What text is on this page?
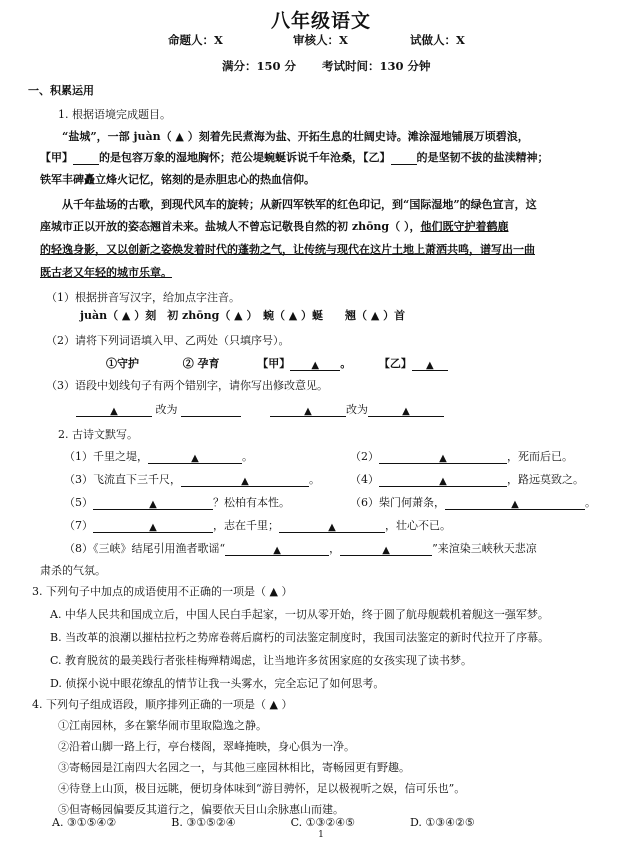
八年级语文
命题人：X	审核人：X	试做人：X
满分：150 分 考试时间：130 分钟
一、积累运用
1. 根据语境完成题目。
“盐城”，一部 juàn（ ▲ ）刻着先民煮海为盐、开拓生息的壮阔史诗。滩涂湿地铺展万顷碧浪，
【甲】 的是包容万象的湿地胸怀；范公堤蜿蜒诉说千年沧桑，【乙】 的是坚韧不拔的盐渎精神；
铁军丰碑矗立烽火记忆，铭刻的是赤胆忠心的热血信仰。
从千年盐场的古歌，到现代风车的旋转；从新四军铁军的红色印记，到“国际湿地”的绿色宣言，这
座城市正以开放的姿态翘首未来。盐城人不曾忘记敬畏自然的初 zhōng（ ），他们既守护着鹤鹿
的轻逸身影，又以创新之姿焕发着时代的蓬勃之气，让传统与现代在这片土地上萧洒共鸣，谱写出一曲
既古老又年轻的城市乐章。
（1）根据拼音写汉字，给加点字注音。
juàn（ ▲ ）刻　初 zhōng（ ▲ ）　蜿（ ▲ ）蜒　　翘（ ▲ ）首
（2）请将下列词语填入甲、乙两处（只填序号）。
①守护	② 孕育	【甲】 ▲ 。  【乙】 ▲
（3）语段中划线句子有两个错别字，请你写出修改意见。
▲	改为	▲	改为	▲
2. 古诗文默写。
（1）千里之堤，	▲	。	（2）	▲	，死而后已。
（3）飞流直下三千尺，	▲	。	（4）	▲	，路远莫致之。
（5）	▲	？松柏有本性。	（6）柴门何萧条，	▲	。
（7）	▲	，志在千里；	▲	，壮心不已。
（8）《三峡》结尾引用渔者歌谣“	▲	，	▲	”来渲染三峡秋天悲凉
肃杀的气氛。
3. 下列句子中加点的成语使用不正确的一项是（ ▲ ）
A. 中华人民共和国成立后，中国人民白手起家，一切从零开始，终于圆了航母舰载机着舰这一强军梦。
B. 当改革的浪潮以摧枯拉朽之势席卷蒋后腐朽的司法鉴定制度时，我国司法鉴定的新时代拉开了序幕。
C. 教育脱贫的最美践行者张桂梅殚精竭虑，让当地许多贫困家庭的女孩实现了读书梦。
D. 侦探小说中眼花缭乱的情节让我一头雾水，完全忘记了如何思考。
4. 下列句子组成语段，顺序排列正确的一项是（ ▲ ）
①江南园林，多在繁华闹市里取隐逸之静。
②沿着山脚一路上行，亭台楼阁，翠峰掩映，身心俱为一净。
③寄畅园是江南四大名园之一，与其他三座园林相比，寄畅园更有野趣。
④待登上山顶，极目远眺，便切身体味到“游目骋怀，足以极视听之娱，信可乐也”。
⑤但寄畅园偏要反其道行之，偏要依天目山余脉惠山而建。
A. ③①⑤④②	B. ③①⑤②④	C. ①③②④⑤	D. ①③④②⑤
1
